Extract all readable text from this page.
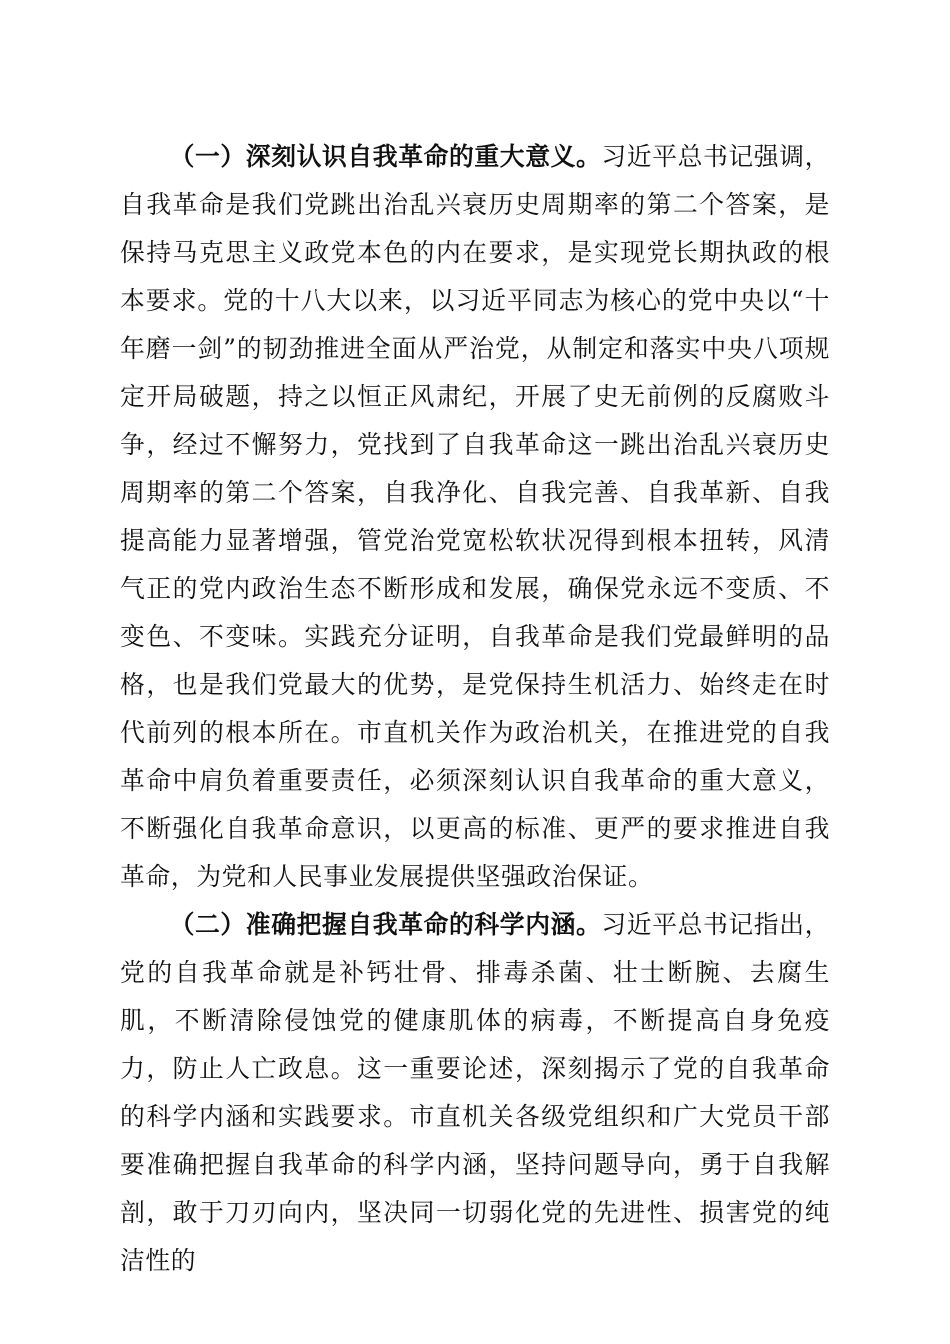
（一）深刻认识自我革命的重大意义。习近平总书记强调，自我革命是我们党跳出治乱兴衰历史周期率的第二个答案，是保持马克思主义政党本色的内在要求，是实现党长期执政的根本要求。党的十八大以来，以习近平同志为核心的党中央以“十年磨一剑”的韧劲推进全面从严治党，从制定和落实中央八项规定开局破题，持之以恒正风肃纪，开展了史无前例的反腐败斗争，经过不懈努力，党找到了自我革命这一跳出治乱兴衰历史周期率的第二个答案，自我净化、自我完善、自我革新、自我提高能力显著增强，管党治党宽松软状况得到根本扭转，风清气正的党内政治生态不断形成和发展，确保党永远不变质、不变色、不变味。实践充分证明，自我革命是我们党最鲜明的品格，也是我们党最大的优势，是党保持生机活力、始终走在时代前列的根本所在。市直机关作为政治机关，在推进党的自我革命中肩负着重要责任，必须深刻认识自我革命的重大意义，不断强化自我革命意识，以更高的标准、更严的要求推进自我革命，为党和人民事业发展提供坚强政治保证。

（二）准确把握自我革命的科学内涵。习近平总书记指出，党的自我革命就是补钙壮骨、排毒杀菌、壮士断腕、去腐生肌，不断清除侵蚀党的健康肌体的病毒，不断提高自身免疫力，防止人亡政息。这一重要论述，深刻揭示了党的自我革命的科学内涵和实践要求。市直机关各级党组织和广大党员干部要准确把握自我革命的科学内涵，坚持问题导向，勇于自我解剖，敢于刀刃向内，坚决同一切弱化党的先进性、损害党的纯洁性的
